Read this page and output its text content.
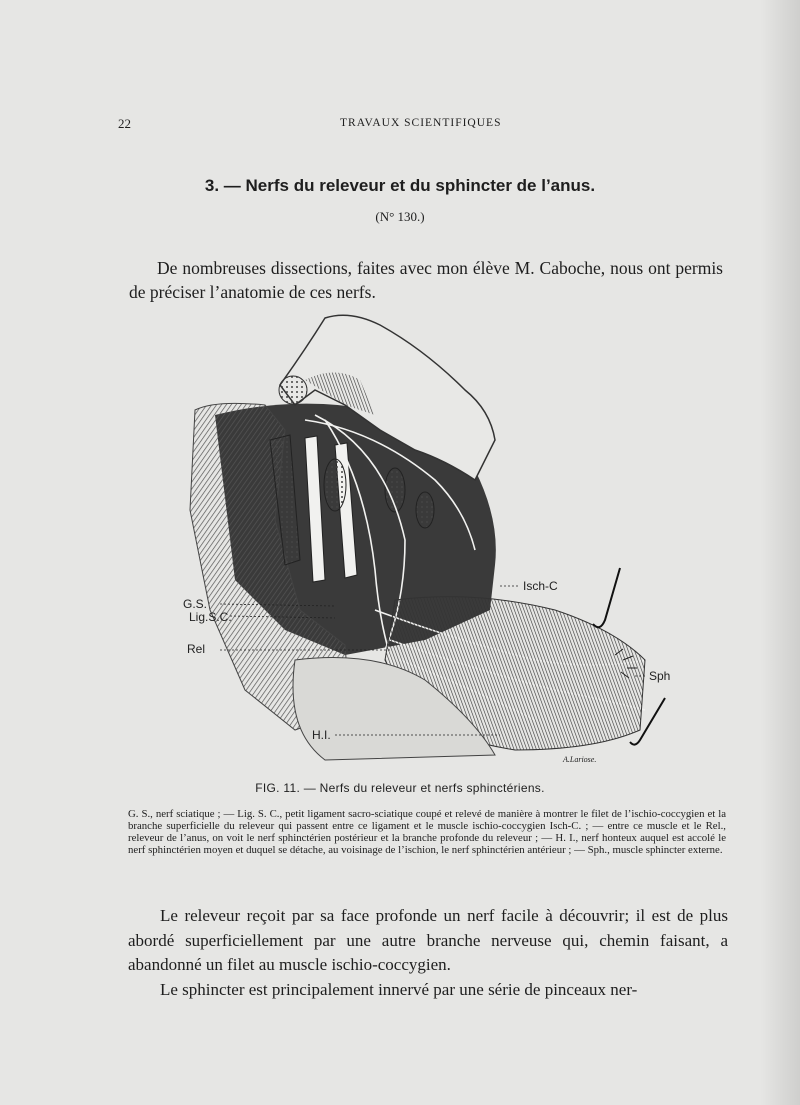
22	TRAVAUX SCIENTIFIQUES
3. — Nerfs du releveur et du sphincter de l’anus.
(N° 130.)
De nombreuses dissections, faites avec mon élève M. Caboche, nous ont permis de préciser l’anatomie de ces nerfs.
G.S.
Lig.S.C.
Rel
H.I.
Isch-C
Sph
A.Lariose.
FIG. 11. — Nerfs du releveur et nerfs sphinctériens.
G. S., nerf sciatique ; — Lig. S. C., petit ligament sacro-sciatique coupé et relevé de manière à montrer le filet de l’ischio-coccygien et la branche superficielle du releveur qui passent entre ce ligament et le muscle ischio-coccygien Isch-C. ; — entre ce muscle et le Rel., releveur de l’anus, on voit le nerf sphinctérien postérieur et la branche profonde du releveur ; — H. I., nerf honteux auquel est accolé le nerf sphinctérien moyen et duquel se détache, au voisinage de l’ischion, le nerf sphinctérien antérieur ; — Sph., muscle sphincter externe.

Le releveur reçoit par sa face profonde un nerf facile à découvrir; il est de plus abordé superficiellement par une autre branche nerveuse qui, chemin faisant, a abandonné un filet au muscle ischio-coccygien.

Le sphincter est principalement innervé par une série de pinceaux ner-
